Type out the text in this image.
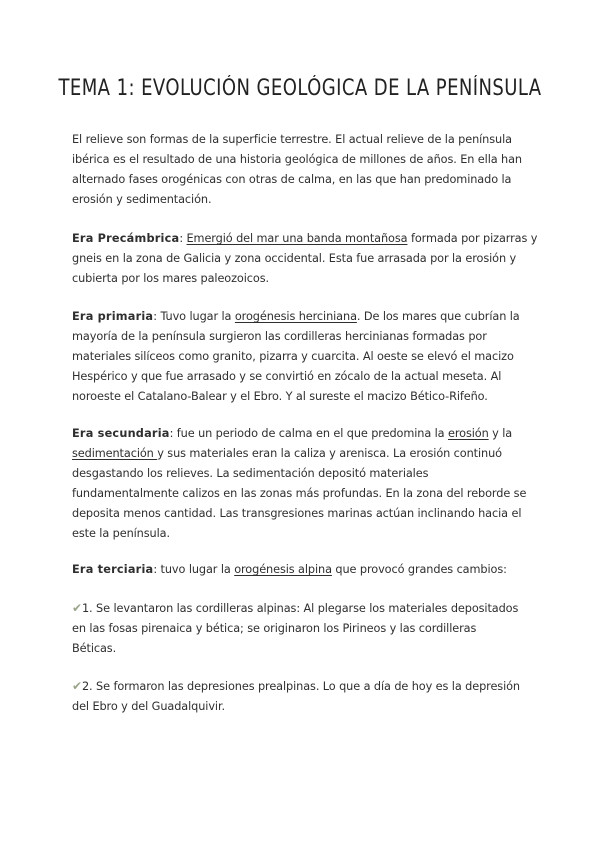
TEMA 1: EVOLUCIÓN GEOLÓGICA DE LA PENÍNSULA

El relieve son formas de la superficie terrestre. El actual relieve de la península
ibérica es el resultado de una historia geológica de millones de años. En ella han
alternado fases orogénicas con otras de calma, en las que han predominado la
erosión y sedimentación.

Era Precámbrica: Emergió del mar una banda montañosa formada por pizarras y
gneis en la zona de Galicia y zona occidental. Esta fue arrasada por la erosión y
cubierta por los mares paleozoicos.

Era primaria: Tuvo lugar la orogénesis herciniana. De los mares que cubrían la
mayoría de la península surgieron las cordilleras hercinianas formadas por
materiales silíceos como granito, pizarra y cuarcita. Al oeste se elevó el macizo
Hespérico y que fue arrasado y se convirtió en zócalo de la actual meseta. Al
noroeste el Catalano-Balear y el Ebro. Y al sureste el macizo Bético-Rifeño.

Era secundaria: fue un periodo de calma en el que predomina la erosión y la
sedimentación y sus materiales eran la caliza y arenisca. La erosión continuó
desgastando los relieves. La sedimentación depositó materiales
fundamentalmente calizos en las zonas más profundas. En la zona del reborde se
deposita menos cantidad. Las transgresiones marinas actúan inclinando hacia el
este la península.

Era terciaria: tuvo lugar la orogénesis alpina que provocó grandes cambios:

✔1. Se levantaron las cordilleras alpinas: Al plegarse los materiales depositados
en las fosas pirenaica y bética; se originaron los Pirineos y las cordilleras
Béticas.

✔2. Se formaron las depresiones prealpinas. Lo que a día de hoy es la depresión
del Ebro y del Guadalquivir.
